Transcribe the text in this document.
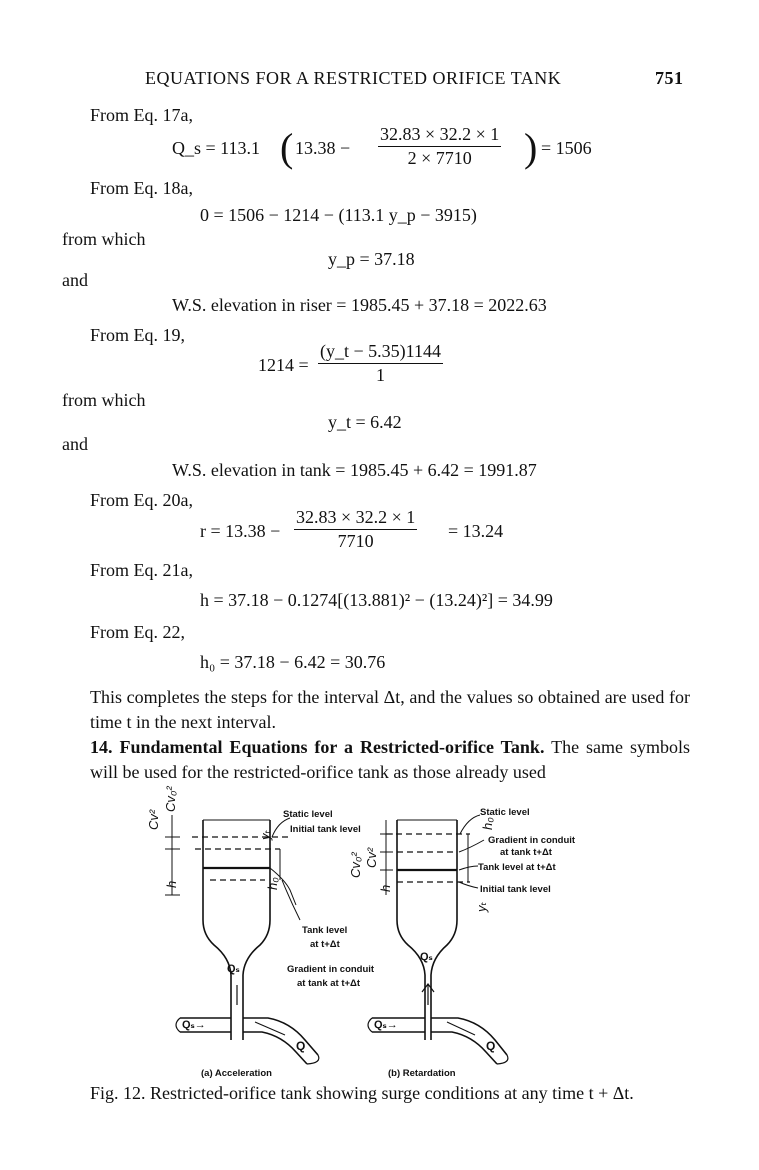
EQUATIONS FOR A RESTRICTED ORIFICE TANK	751
From Eq. 17a,
Q_s = 113.1 ( $13.38 - \frac{32.83 \times 32.2 \times 1}{2 \times 7710}$ ) = 1506
From Eq. 18a,
0 = 1506 − 1214 − (113.1 y_p − 3915)
from which
y_p = 37.18
and
W.S. elevation in riser = 1985.45 + 37.18 = 2022.63
From Eq. 19,
$1214 = \frac{(y\_t - 5.35)1144}{1}$
from which
y_t = 6.42
and
W.S. elevation in tank = 1985.45 + 6.42 = 1991.87
From Eq. 20a,
$r = 13.38 - \frac{32.83 \times 32.2 \times 1}{7710} = 13.24$
From Eq. 21a,
h = 37.18 − 0.1274[(13.881)² − (13.24)²] = 34.99
From Eq. 22,
h₀ = 37.18 − 6.42 = 30.76
This completes the steps for the interval Δt, and the values so obtained are used for time t in the next interval.
14. Fundamental Equations for a Restricted-orifice Tank. The same symbols will be used for the restricted-orifice tank as those already used
Static level
Initial tank level
Tank level
at t+Δt
Gradient in conduit
at tank at t+Δt
Qₛ
Qₛ→
Q
(a) Acceleration
Static level
Gradient in conduit
at tank t+Δt
Tank level at t+Δt
Initial tank level
Qₛ
Qₛ→
Q
(b) Retardation
Cv²
Cv₀²
h
yₜ
h₀
Cv₀² Cv²
h
h₀
yₜ
Fig. 12. Restricted-orifice tank showing surge conditions at any time t + Δt.
